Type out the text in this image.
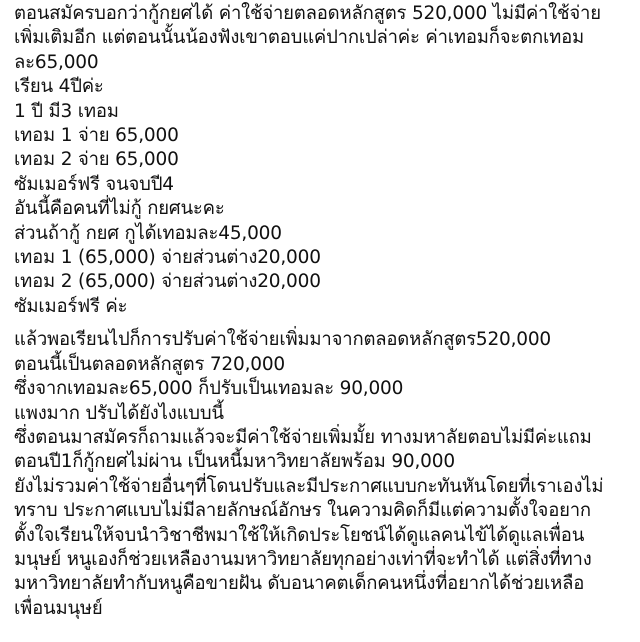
ตอนสมัครบอกว่ากู้กยศได้ ค่าใช้จ่ายตลอดหลักสูตร 520,000 ไม่มีค่าใช้จ่าย
เพิ่มเติมอีก แต่ตอนนั้นน้องฟังเขาตอบแค่ปากเปล่าค่ะ ค่าเทอมก็จะตกเทอม
ละ65,000
เรียน 4ปีค่ะ
1 ปี มี3 เทอม
เทอม 1 จ่าย 65,000
เทอม 2 จ่าย 65,000
ซัมเมอร์ฟรี จนจบปี4
อันนี้คือคนที่ไม่กู้ กยศนะคะ
ส่วนถ้ากู้ กยศ กูได้เทอมละ45,000
เทอม 1 (65,000) จ่ายส่วนต่าง20,000
เทอม 2 (65,000) จ่ายส่วนต่าง20,000
ซัมเมอร์ฟรี ค่ะ

แล้วพอเรียนไปก็การปรับค่าใช้จ่ายเพิ่มมาจากตลอดหลักสูตร520,000
ตอนนี้เป็นตลอดหลักสูตร 720,000
ซึ่งจากเทอมละ65,000 ก็ปรับเป็นเทอมละ 90,000
แพงมาก ปรับได้ยังไงแบบนี้
ซึ่งตอนมาสมัครก็ถามแล้วจะมีค่าใช้จ่ายเพิ่มมั้ย ทางมหาลัยตอบไม่มีค่ะแถม
ตอนปี1ก็กู้กยศไม่ผ่าน เป็นหนี้มหาวิทยาลัยพร้อม 90,000
ยังไม่รวมค่าใช้จ่ายอื่นๆที่โดนปรับและมีประกาศแบบกะทันหันโดยที่เราเองไม่
ทราบ ประกาศแบบไม่มีลายลักษณ์อักษร ในความคิดก็มีแต่ความตั้งใจอยาก
ตั้งใจเรียนให้จบนำวิชาชีพมาใช้ให้เกิดประโยชน์ได้ดูแลคนไข้ได้ดูแลเพื่อน
มนุษย์ หนูเองก็ช่วยเหลืองานมหาวิทยาลัยทุกอย่างเท่าที่จะทำได้ แต่สิ่งที่ทาง
มหาวิทยาลัยทำกับหนูคือขายฝัน ดับอนาคตเด็กคนหนึ่งที่อยากได้ช่วยเหลือ
เพื่อนมนุษย์
